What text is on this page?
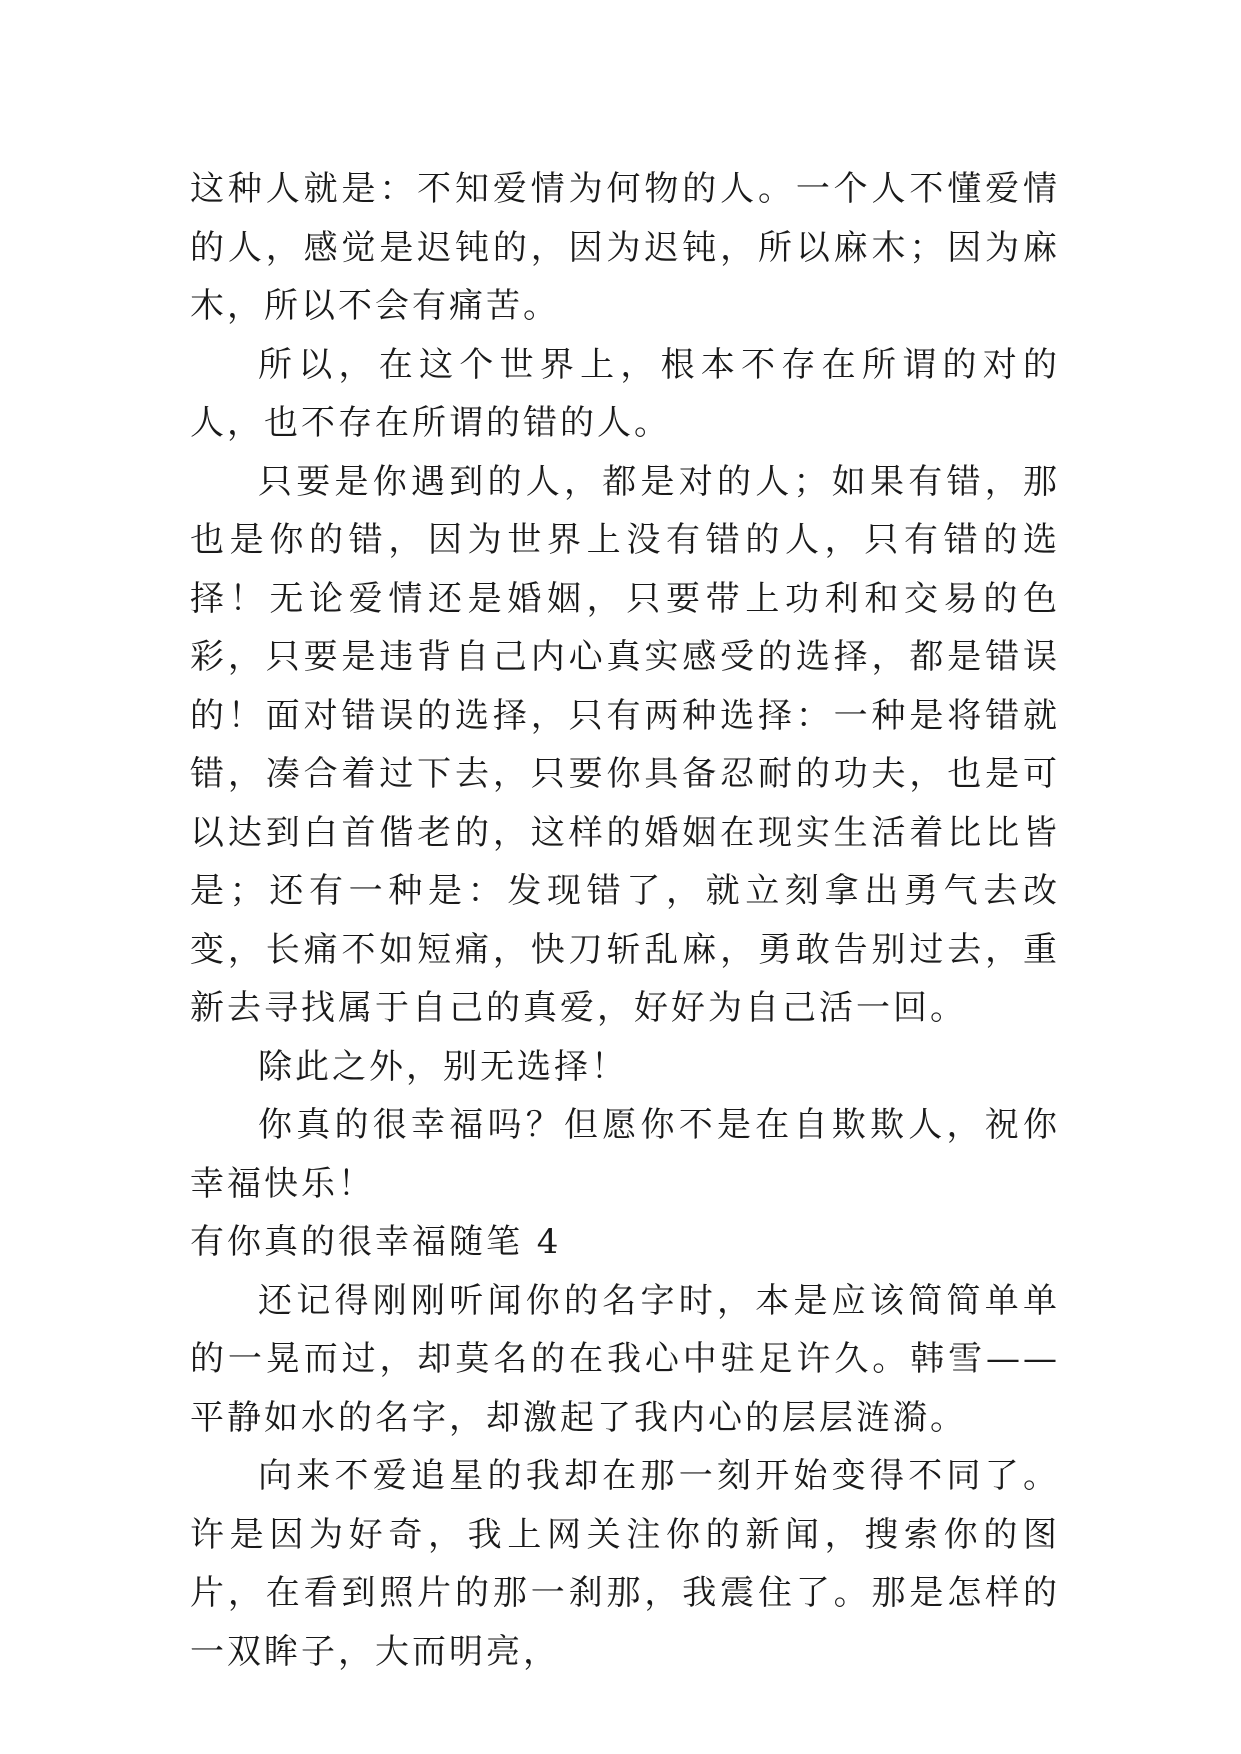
这种人就是：不知爱情为何物的人。一个人不懂爱情的人，感觉是迟钝的，因为迟钝，所以麻木；因为麻木，所以不会有痛苦。

所以，在这个世界上，根本不存在所谓的对的人，也不存在所谓的错的人。

只要是你遇到的人，都是对的人；如果有错，那也是你的错，因为世界上没有错的人，只有错的选择！无论爱情还是婚姻，只要带上功利和交易的色彩，只要是违背自己内心真实感受的选择，都是错误的！面对错误的选择，只有两种选择：一种是将错就错，凑合着过下去，只要你具备忍耐的功夫，也是可以达到白首偕老的，这样的婚姻在现实生活着比比皆是；还有一种是：发现错了，就立刻拿出勇气去改变，长痛不如短痛，快刀斩乱麻，勇敢告别过去，重新去寻找属于自己的真爱，好好为自己活一回。

除此之外，别无选择！

你真的很幸福吗？但愿你不是在自欺欺人，祝你幸福快乐！

有你真的很幸福随笔 4

还记得刚刚听闻你的名字时，本是应该简简单单的一晃而过，却莫名的在我心中驻足许久。韩雪——平静如水的名字，却激起了我内心的层层涟漪。

向来不爱追星的我却在那一刻开始变得不同了。许是因为好奇，我上网关注你的新闻，搜索你的图片，在看到照片的那一刹那，我震住了。那是怎样的一双眸子，大而明亮，
